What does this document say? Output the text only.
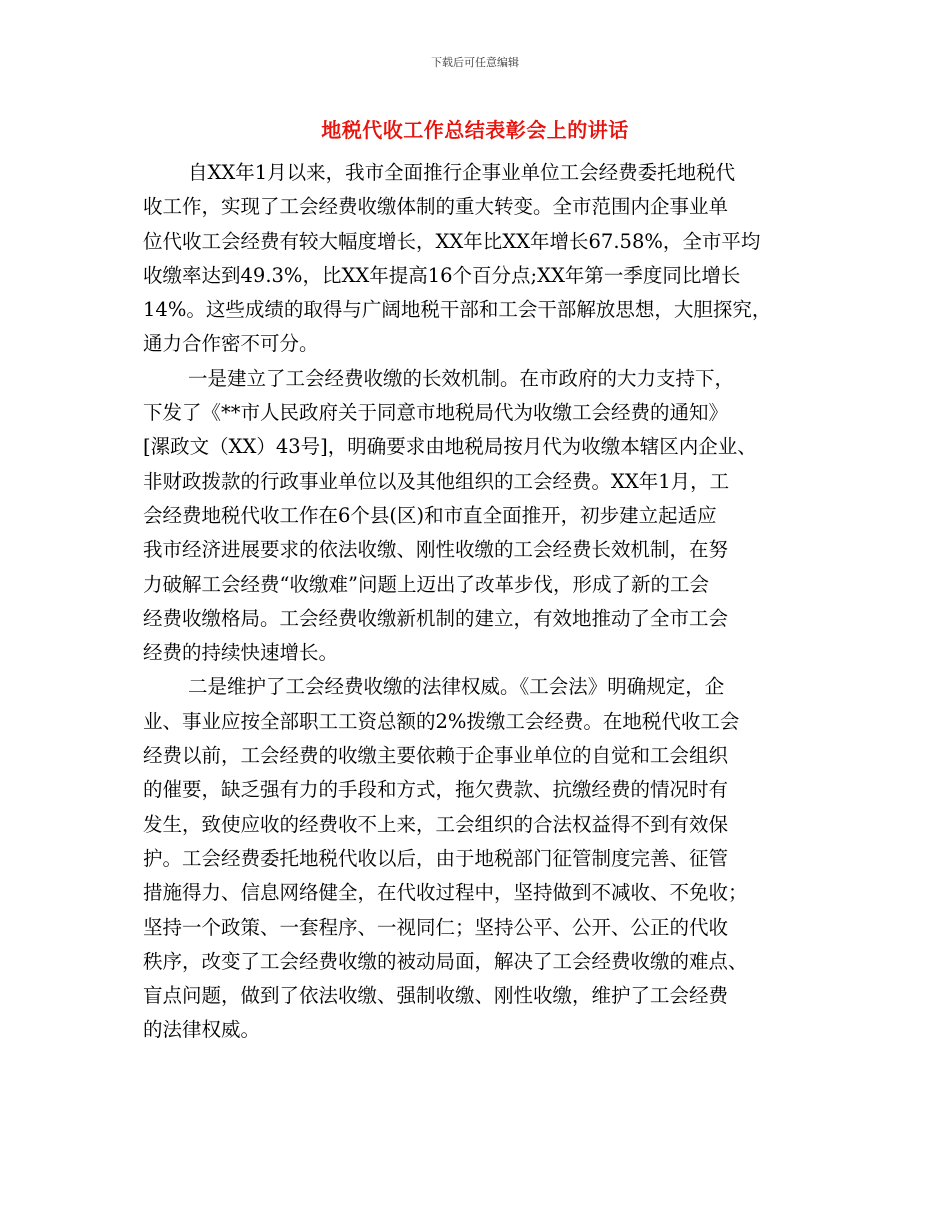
下载后可任意编辑
地税代收工作总结表彰会上的讲话
自XX年1月以来，我市全面推行企事业单位工会经费委托地税代
收工作，实现了工会经费收缴体制的重大转变。全市范围内企事业单
位代收工会经费有较大幅度增长，XX年比XX年增长67.58%，全市平均
收缴率达到49.3%，比XX年提高16个百分点;XX年第一季度同比增长
14%。这些成绩的取得与广阔地税干部和工会干部解放思想，大胆探究，
通力合作密不可分。
一是建立了工会经费收缴的长效机制。在市政府的大力支持下，
下发了《**市人民政府关于同意市地税局代为收缴工会经费的通知》
[漯政文（XX）43号]，明确要求由地税局按月代为收缴本辖区内企业、
非财政拨款的行政事业单位以及其他组织的工会经费。XX年1月，工
会经费地税代收工作在6个县(区)和市直全面推开，初步建立起适应
我市经济进展要求的依法收缴、刚性收缴的工会经费长效机制，在努
力破解工会经费“收缴难”问题上迈出了改革步伐，形成了新的工会
经费收缴格局。工会经费收缴新机制的建立，有效地推动了全市工会
经费的持续快速增长。
二是维护了工会经费收缴的法律权威。《工会法》明确规定，企
业、事业应按全部职工工资总额的2%拨缴工会经费。在地税代收工会
经费以前，工会经费的收缴主要依赖于企事业单位的自觉和工会组织
的催要，缺乏强有力的手段和方式，拖欠费款、抗缴经费的情况时有
发生，致使应收的经费收不上来，工会组织的合法权益得不到有效保
护。工会经费委托地税代收以后，由于地税部门征管制度完善、征管
措施得力、信息网络健全，在代收过程中，坚持做到不减收、不免收；
坚持一个政策、一套程序、一视同仁；坚持公平、公开、公正的代收
秩序，改变了工会经费收缴的被动局面，解决了工会经费收缴的难点、
盲点问题，做到了依法收缴、强制收缴、刚性收缴，维护了工会经费
的法律权威。
